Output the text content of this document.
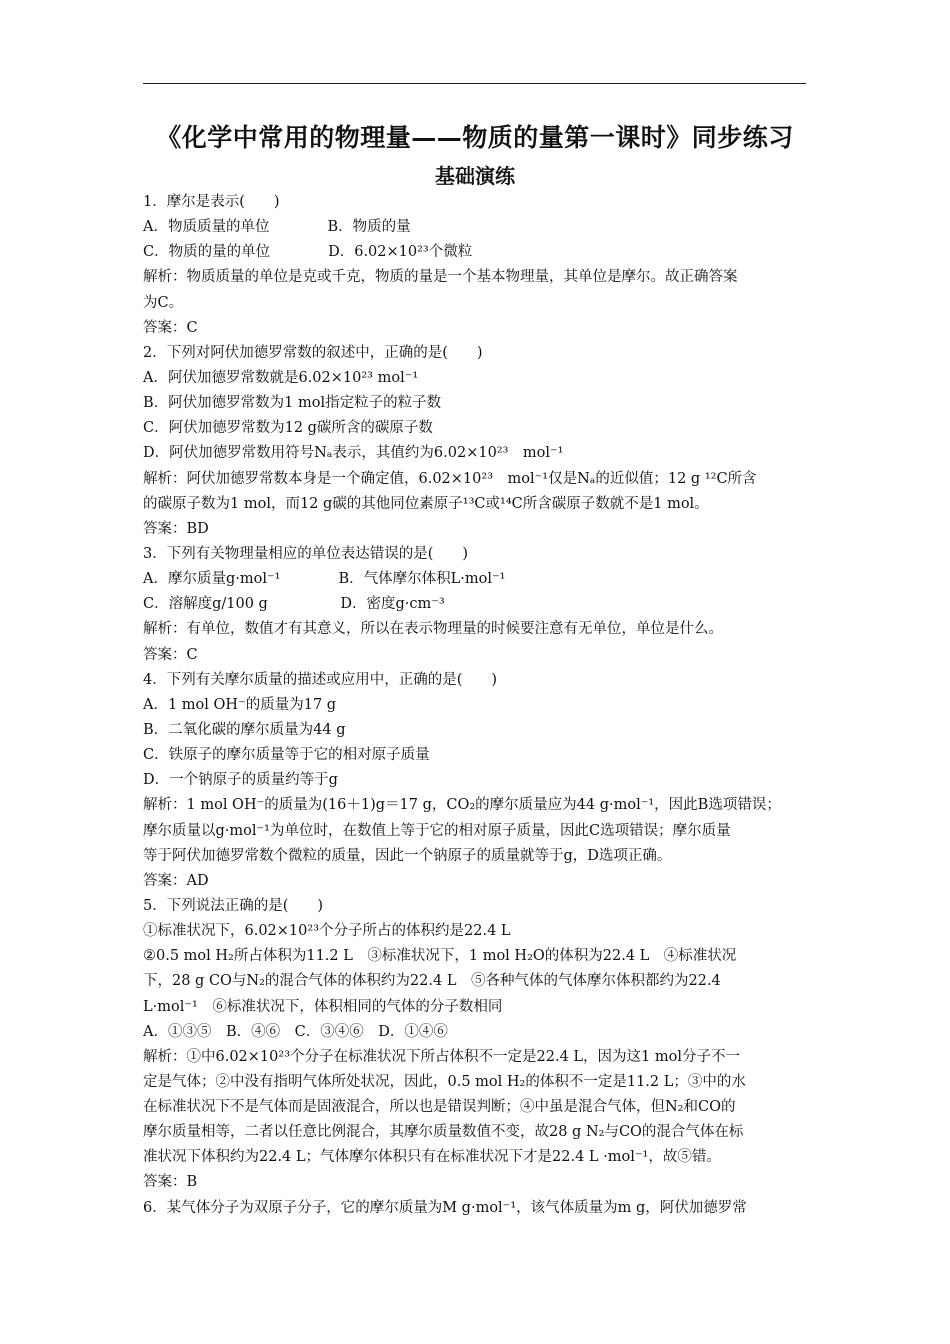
《化学中常用的物理量——物质的量第一课时》同步练习
基础演练
1．摩尔是表示(　　)
A．物质质量的单位　　　　B．物质的量
C．物质的量的单位　　　　D．6.02×10²³个微粒
解析：物质质量的单位是克或千克，物质的量是一个基本物理量，其单位是摩尔。故正确答案
为C。
答案：C
2．下列对阿伏加德罗常数的叙述中，正确的是(　　)
A．阿伏加德罗常数就是6.02×10²³ mol⁻¹
B．阿伏加德罗常数为1 mol指定粒子的粒子数
C．阿伏加德罗常数为12 g碳所含的碳原子数
D．阿伏加德罗常数用符号Nₐ表示，其值约为6.02×10²³　mol⁻¹
解析：阿伏加德罗常数本身是一个确定值，6.02×10²³　mol⁻¹仅是Nₐ的近似值；12 g ¹²C所含
的碳原子数为1 mol，而12 g碳的其他同位素原子¹³C或¹⁴C所含碳原子数就不是1 mol。
答案：BD
3．下列有关物理量相应的单位表达错误的是(　　)
A．摩尔质量g·mol⁻¹　　　　B．气体摩尔体积L·mol⁻¹
C．溶解度g/100 g　　　　　D．密度g·cm⁻³
解析：有单位，数值才有其意义，所以在表示物理量的时候要注意有无单位，单位是什么。
答案：C
4．下列有关摩尔质量的描述或应用中，正确的是(　　)
A．1 mol OH⁻的质量为17 g
B．二氧化碳的摩尔质量为44 g
C．铁原子的摩尔质量等于它的相对原子质量
D．一个钠原子的质量约等于g
解析：1 mol OH⁻的质量为(16＋1)g＝17 g，CO₂的摩尔质量应为44 g·mol⁻¹，因此B选项错误；
摩尔质量以g·mol⁻¹为单位时，在数值上等于它的相对原子质量，因此C选项错误；摩尔质量
等于阿伏加德罗常数个微粒的质量，因此一个钠原子的质量就等于g，D选项正确。
答案：AD
5．下列说法正确的是(　　)
①标准状况下，6.02×10²³个分子所占的体积约是22.4 L
②0.5 mol H₂所占体积为11.2 L　③标准状况下，1 mol H₂O的体积为22.4 L　④标准状况
下，28 g CO与N₂的混合气体的体积约为22.4 L　⑤各种气体的气体摩尔体积都约为22.4
L·mol⁻¹　⑥标准状况下，体积相同的气体的分子数相同
A．①③⑤　B．④⑥　C．③④⑥　D．①④⑥
解析：①中6.02×10²³个分子在标准状况下所占体积不一定是22.4 L，因为这1 mol分子不一
定是气体；②中没有指明气体所处状况，因此，0.5 mol H₂的体积不一定是11.2 L；③中的水
在标准状况下不是气体而是固液混合，所以也是错误判断；④中虽是混合气体，但N₂和CO的
摩尔质量相等，二者以任意比例混合，其摩尔质量数值不变，故28 g N₂与CO的混合气体在标
准状况下体积约为22.4 L；气体摩尔体积只有在标准状况下才是22.4 L ·mol⁻¹，故⑤错。
答案：B
6．某气体分子为双原子分子，它的摩尔质量为M g·mol⁻¹，该气体质量为m g，阿伏加德罗常
